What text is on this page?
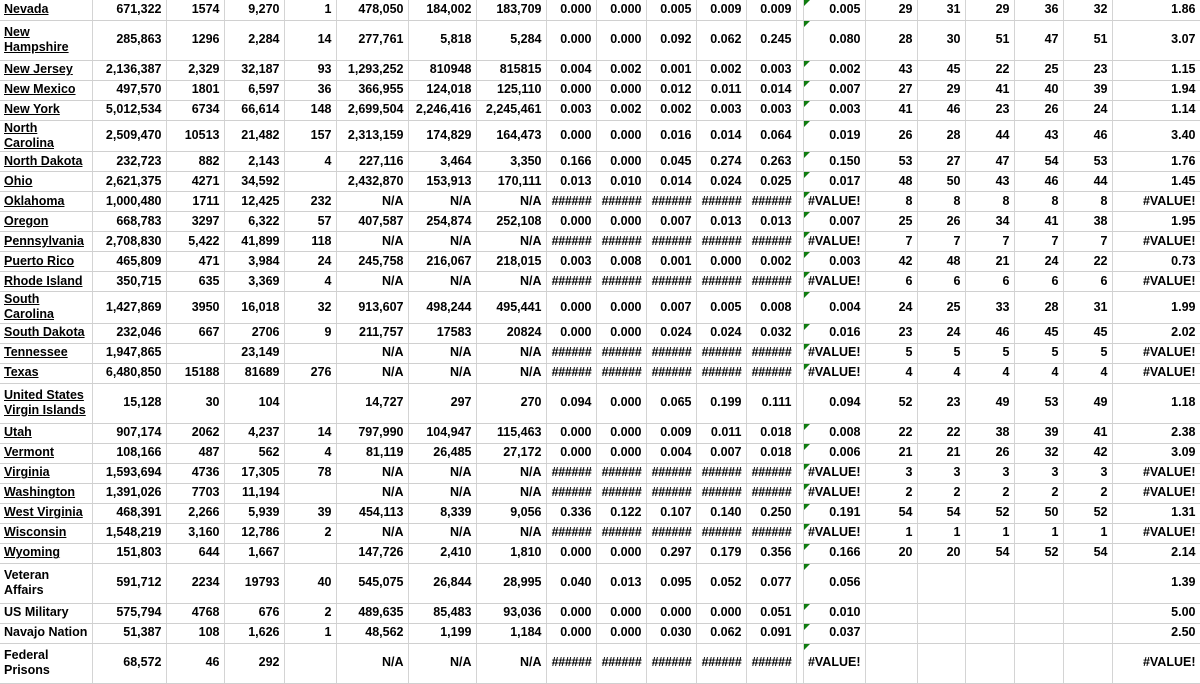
Nevada	671,322	1574	9,270	1	478,050	184,002	183,709	0.000	0.000	0.005	0.009	0.009		0.005	29	31	29	36	32	1.86
New Hampshire	285,863	1296	2,284	14	277,761	5,818	5,284	0.000	0.000	0.092	0.062	0.245		0.080	28	30	51	47	51	3.07
New Jersey	2,136,387	2,329	32,187	93	1,293,252	810948	815815	0.004	0.002	0.001	0.002	0.003		0.002	43	45	22	25	23	1.15
New Mexico	497,570	1801	6,597	36	366,955	124,018	125,110	0.000	0.000	0.012	0.011	0.014		0.007	27	29	41	40	39	1.94
New York	5,012,534	6734	66,614	148	2,699,504	2,246,416	2,245,461	0.003	0.002	0.002	0.003	0.003		0.003	41	46	23	26	24	1.14
North Carolina	2,509,470	10513	21,482	157	2,313,159	174,829	164,473	0.000	0.000	0.016	0.014	0.064		0.019	26	28	44	43	46	3.40
North Dakota	232,723	882	2,143	4	227,116	3,464	3,350	0.166	0.000	0.045	0.274	0.263		0.150	53	27	47	54	53	1.76
Ohio	2,621,375	4271	34,592		2,432,870	153,913	170,111	0.013	0.010	0.014	0.024	0.025		0.017	48	50	43	46	44	1.45
Oklahoma	1,000,480	1711	12,425	232	N/A	N/A	N/A	######	######	######	######	######		#VALUE!	8	8	8	8	8	#VALUE!
Oregon	668,783	3297	6,322	57	407,587	254,874	252,108	0.000	0.000	0.007	0.013	0.013		0.007	25	26	34	41	38	1.95
Pennsylvania	2,708,830	5,422	41,899	118	N/A	N/A	N/A	######	######	######	######	######		#VALUE!	7	7	7	7	7	#VALUE!
Puerto Rico	465,809	471	3,984	24	245,758	216,067	218,015	0.003	0.008	0.001	0.000	0.002		0.003	42	48	21	24	22	0.73
Rhode Island	350,715	635	3,369	4	N/A	N/A	N/A	######	######	######	######	######		#VALUE!	6	6	6	6	6	#VALUE!
South Carolina	1,427,869	3950	16,018	32	913,607	498,244	495,441	0.000	0.000	0.007	0.005	0.008		0.004	24	25	33	28	31	1.99
South Dakota	232,046	667	2706	9	211,757	17583	20824	0.000	0.000	0.024	0.024	0.032		0.016	23	24	46	45	45	2.02
Tennessee	1,947,865		23,149		N/A	N/A	N/A	######	######	######	######	######		#VALUE!	5	5	5	5	5	#VALUE!
Texas	6,480,850	15188	81689	276	N/A	N/A	N/A	######	######	######	######	######		#VALUE!	4	4	4	4	4	#VALUE!
United States Virgin Islands	15,128	30	104		14,727	297	270	0.094	0.000	0.065	0.199	0.111		0.094	52	23	49	53	49	1.18
Utah	907,174	2062	4,237	14	797,990	104,947	115,463	0.000	0.000	0.009	0.011	0.018		0.008	22	22	38	39	41	2.38
Vermont	108,166	487	562	4	81,119	26,485	27,172	0.000	0.000	0.004	0.007	0.018		0.006	21	21	26	32	42	3.09
Virginia	1,593,694	4736	17,305	78	N/A	N/A	N/A	######	######	######	######	######		#VALUE!	3	3	3	3	3	#VALUE!
Washington	1,391,026	7703	11,194		N/A	N/A	N/A	######	######	######	######	######		#VALUE!	2	2	2	2	2	#VALUE!
West Virginia	468,391	2,266	5,939	39	454,113	8,339	9,056	0.336	0.122	0.107	0.140	0.250		0.191	54	54	52	50	52	1.31
Wisconsin	1,548,219	3,160	12,786	2	N/A	N/A	N/A	######	######	######	######	######		#VALUE!	1	1	1	1	1	#VALUE!
Wyoming	151,803	644	1,667		147,726	2,410	1,810	0.000	0.000	0.297	0.179	0.356		0.166	20	20	54	52	54	2.14
Veteran Affairs	591,712	2234	19793	40	545,075	26,844	28,995	0.040	0.013	0.095	0.052	0.077		0.056						1.39
US Military	575,794	4768	676	2	489,635	85,483	93,036	0.000	0.000	0.000	0.000	0.051		0.010						5.00
Navajo Nation	51,387	108	1,626	1	48,562	1,199	1,184	0.000	0.000	0.030	0.062	0.091		0.037						2.50
Federal Prisons	68,572	46	292		N/A	N/A	N/A	######	######	######	######	######		#VALUE!						#VALUE!
